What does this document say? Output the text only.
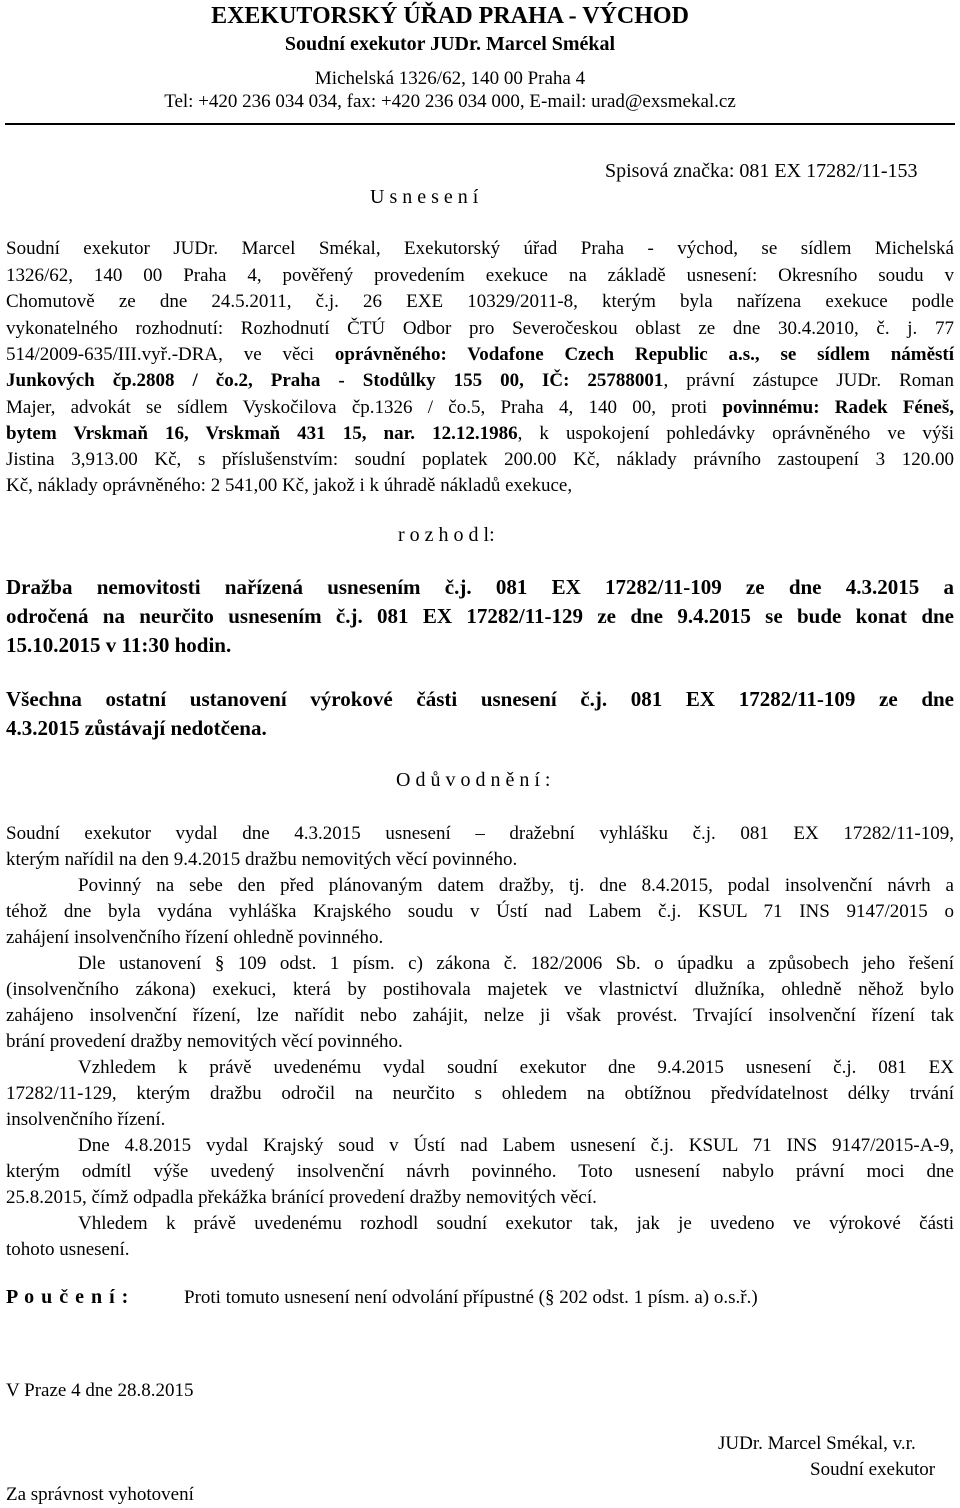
EXEKUTORSKÝ ÚŘAD PRAHA - VÝCHOD
Soudní exekutor JUDr. Marcel Smékal
Michelská 1326/62, 140 00 Praha 4
Tel: +420 236 034 034, fax: +420 236 034 000, E-mail: urad@exsmekal.cz
Spisová značka: 081 EX 17282/11-153
U s n e s e n í
Soudní exekutor JUDr. Marcel Smékal, Exekutorský úřad Praha - východ, se sídlem Michelská
1326/62, 140 00 Praha 4, pověřený provedením exekuce na základě usnesení: Okresního soudu v
Chomutově ze dne 24.5.2011, č.j. 26 EXE 10329/2011-8, kterým byla nařízena exekuce podle
vykonatelného rozhodnutí: Rozhodnutí ČTÚ Odbor pro Severočeskou oblast ze dne 30.4.2010, č. j. 77
514/2009-635/III.vyř.-DRA, ve věci oprávněného: Vodafone Czech Republic a.s., se sídlem náměstí
Junkových čp.2808 / čo.2, Praha - Stodůlky 155 00, IČ: 25788001, právní zástupce JUDr. Roman
Majer, advokát se sídlem Vyskočilova čp.1326 / čo.5, Praha 4, 140 00, proti povinnému: Radek Féneš,
bytem Vrskmaň 16, Vrskmaň 431 15, nar. 12.12.1986, k uspokojení pohledávky oprávněného ve výši
Jistina 3,913.00 Kč, s příslušenstvím: soudní poplatek 200.00 Kč, náklady právního zastoupení 3 120.00
Kč, náklady oprávněného: 2 541,00 Kč, jakož i k úhradě nákladů exekuce,
r o z h o d l:
Dražba nemovitosti nařízená usnesením č.j. 081 EX 17282/11-109 ze dne 4.3.2015 a
odročená na neurčito usnesením č.j. 081 EX 17282/11-129 ze dne 9.4.2015 se bude konat dne
15.10.2015 v 11:30 hodin.
Všechna ostatní ustanovení výrokové části usnesení č.j. 081 EX 17282/11-109 ze dne
4.3.2015 zůstávají nedotčena.
O d ů v o d n ě n í :
Soudní exekutor vydal dne 4.3.2015 usnesení – dražební vyhlášku č.j. 081 EX 17282/11-109,
kterým nařídil na den 9.4.2015 dražbu nemovitých věcí povinného.
Povinný na sebe den před plánovaným datem dražby, tj. dne 8.4.2015, podal insolvenční návrh a
téhož dne byla vydána vyhláška Krajského soudu v Ústí nad Labem č.j. KSUL 71 INS 9147/2015 o
zahájení insolvenčního řízení ohledně povinného.
Dle ustanovení § 109 odst. 1 písm. c) zákona č. 182/2006 Sb. o úpadku a způsobech jeho řešení
(insolvenčního zákona) exekuci, která by postihovala majetek ve vlastnictví dlužníka, ohledně něhož bylo
zahájeno insolvenční řízení, lze nařídit nebo zahájit, nelze ji však provést. Trvající insolvenční řízení tak
brání provedení dražby nemovitých věcí povinného.
Vzhledem k právě uvedenému vydal soudní exekutor dne 9.4.2015 usnesení č.j. 081 EX
17282/11-129, kterým dražbu odročil na neurčito s ohledem na obtížnou předvídatelnost délky trvání
insolvenčního řízení.
Dne 4.8.2015 vydal Krajský soud v Ústí nad Labem usnesení č.j. KSUL 71 INS 9147/2015-A-9,
kterým odmítl výše uvedený insolvenční návrh povinného. Toto usnesení nabylo právní moci dne
25.8.2015, čímž odpadla překážka bránící provedení dražby nemovitých věcí.
Vhledem k právě uvedenému rozhodl soudní exekutor tak, jak je uvedeno ve výrokové části
tohoto usnesení.
P o u č e n í :	Proti tomuto usnesení není odvolání přípustné (§ 202 odst. 1 písm. a) o.s.ř.)
V Praze 4 dne 28.8.2015
JUDr. Marcel Smékal, v.r.
Soudní exekutor
Za správnost vyhotovení
